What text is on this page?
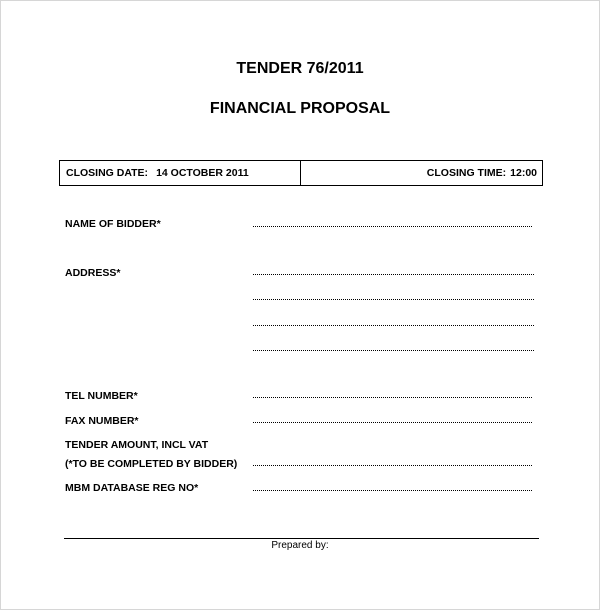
TENDER 76/2011
FINANCIAL PROPOSAL
CLOSING DATE: 14 OCTOBER 2011	CLOSING TIME: 12:00
NAME OF BIDDER*
ADDRESS*
TEL NUMBER*
FAX NUMBER*
TENDER AMOUNT, INCL VAT
(*TO BE COMPLETED BY BIDDER)
MBM DATABASE REG NO*
Prepared by:
